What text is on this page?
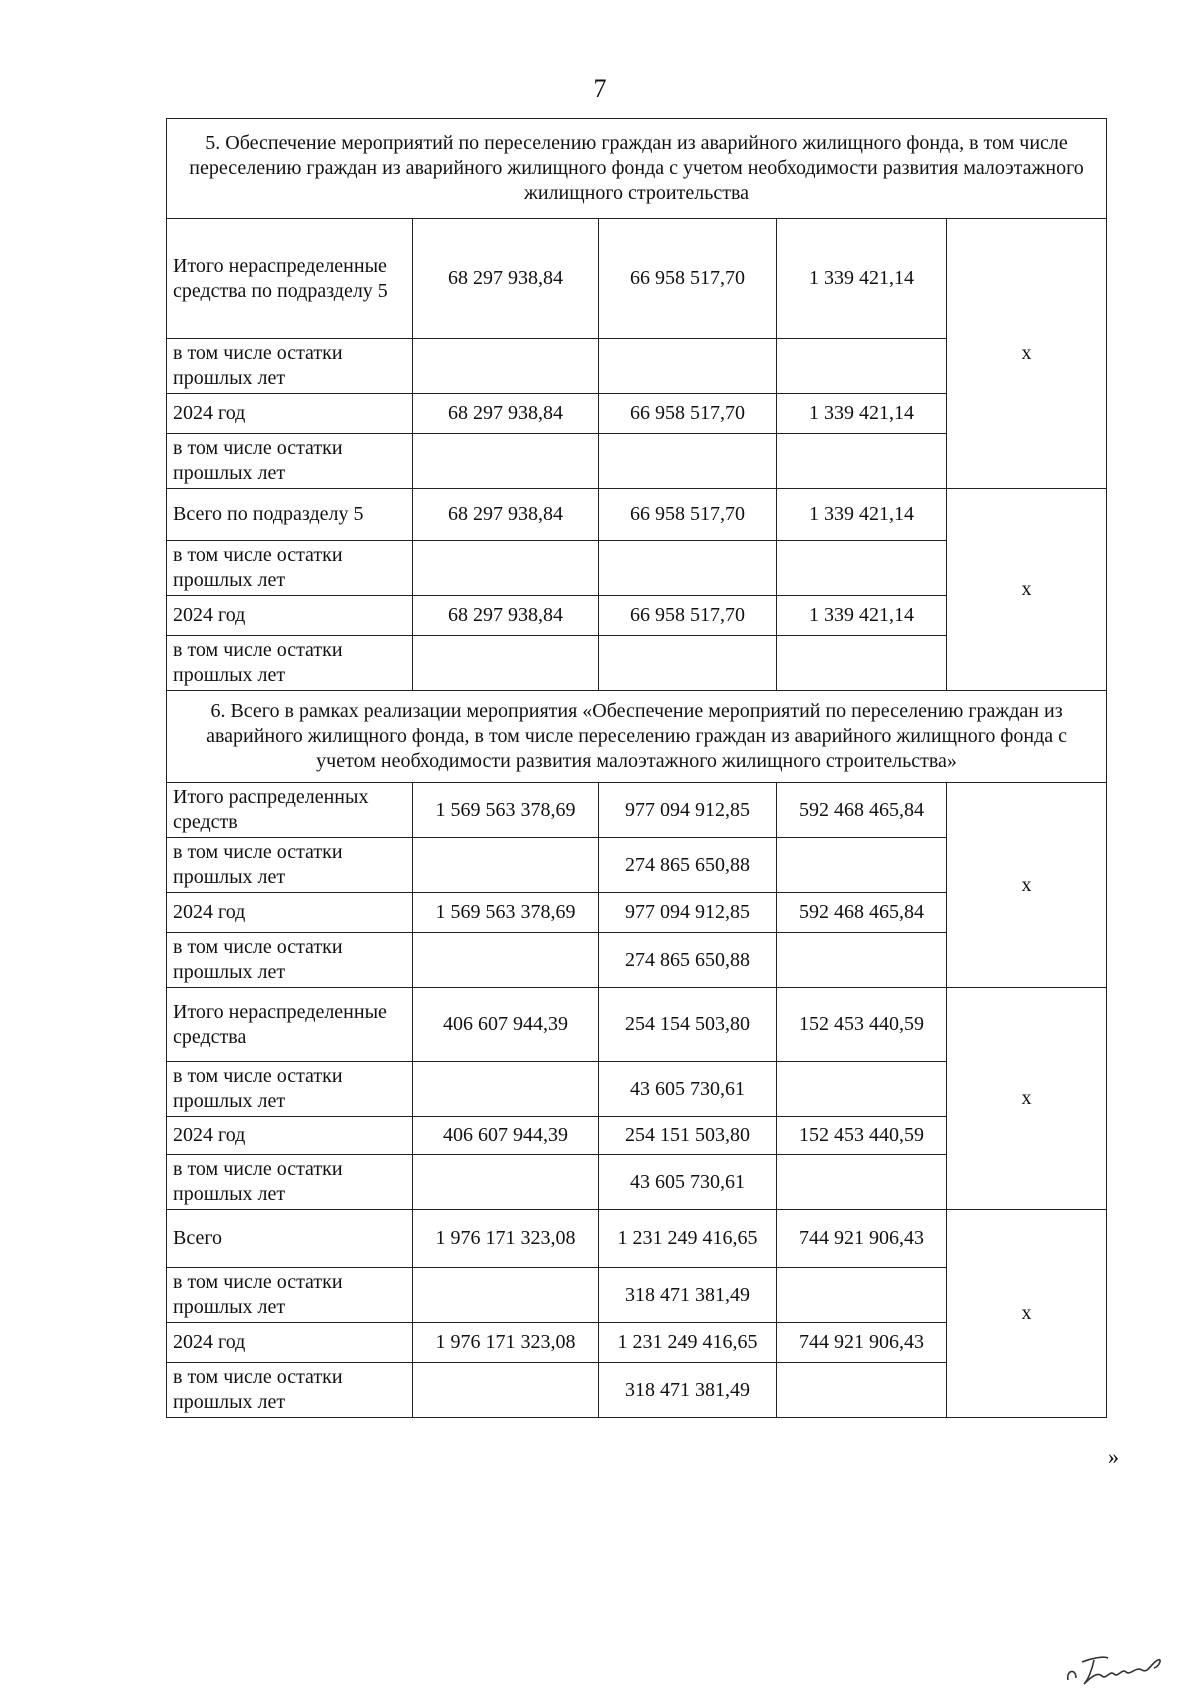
7
5. Обеспечение мероприятий по переселению граждан из аварийного жилищного фонда, в том числе переселению граждан из аварийного жилищного фонда с учетом необходимости развития малоэтажного жилищного строительства				
Итого нераспределенные средства по подразделу 5	68 297 938,84	66 958 517,70	1 339 421,14	х
в том числе остатки прошлых лет				
2024 год	68 297 938,84	66 958 517,70	1 339 421,14	
в том числе остатки прошлых лет				
Всего по подразделу 5	68 297 938,84	66 958 517,70	1 339 421,14	х
в том числе остатки прошлых лет				
2024 год	68 297 938,84	66 958 517,70	1 339 421,14	
в том числе остатки прошлых лет				
6. Всего в рамках реализации мероприятия «Обеспечение мероприятий по переселению граждан из аварийного жилищного фонда, в том числе переселению граждан из аварийного жилищного фонда с учетом необходимости развития малоэтажного жилищного строительства»				
Итого распределенных средств	1 569 563 378,69	977 094 912,85	592 468 465,84	х
в том числе остатки прошлых лет		274 865 650,88		
2024 год	1 569 563 378,69	977 094 912,85	592 468 465,84	
в том числе остатки прошлых лет		274 865 650,88		
Итого нераспределенные средства	406 607 944,39	254 154 503,80	152 453 440,59	х
в том числе остатки прошлых лет		43 605 730,61		
2024 год	406 607 944,39	254 151 503,80	152 453 440,59	
в том числе остатки прошлых лет		43 605 730,61		
Всего	1 976 171 323,08	1 231 249 416,65	744 921 906,43	х
в том числе остатки прошлых лет		318 471 381,49		
2024 год	1 976 171 323,08	1 231 249 416,65	744 921 906,43	
в том числе остатки прошлых лет		318 471 381,49		
»
